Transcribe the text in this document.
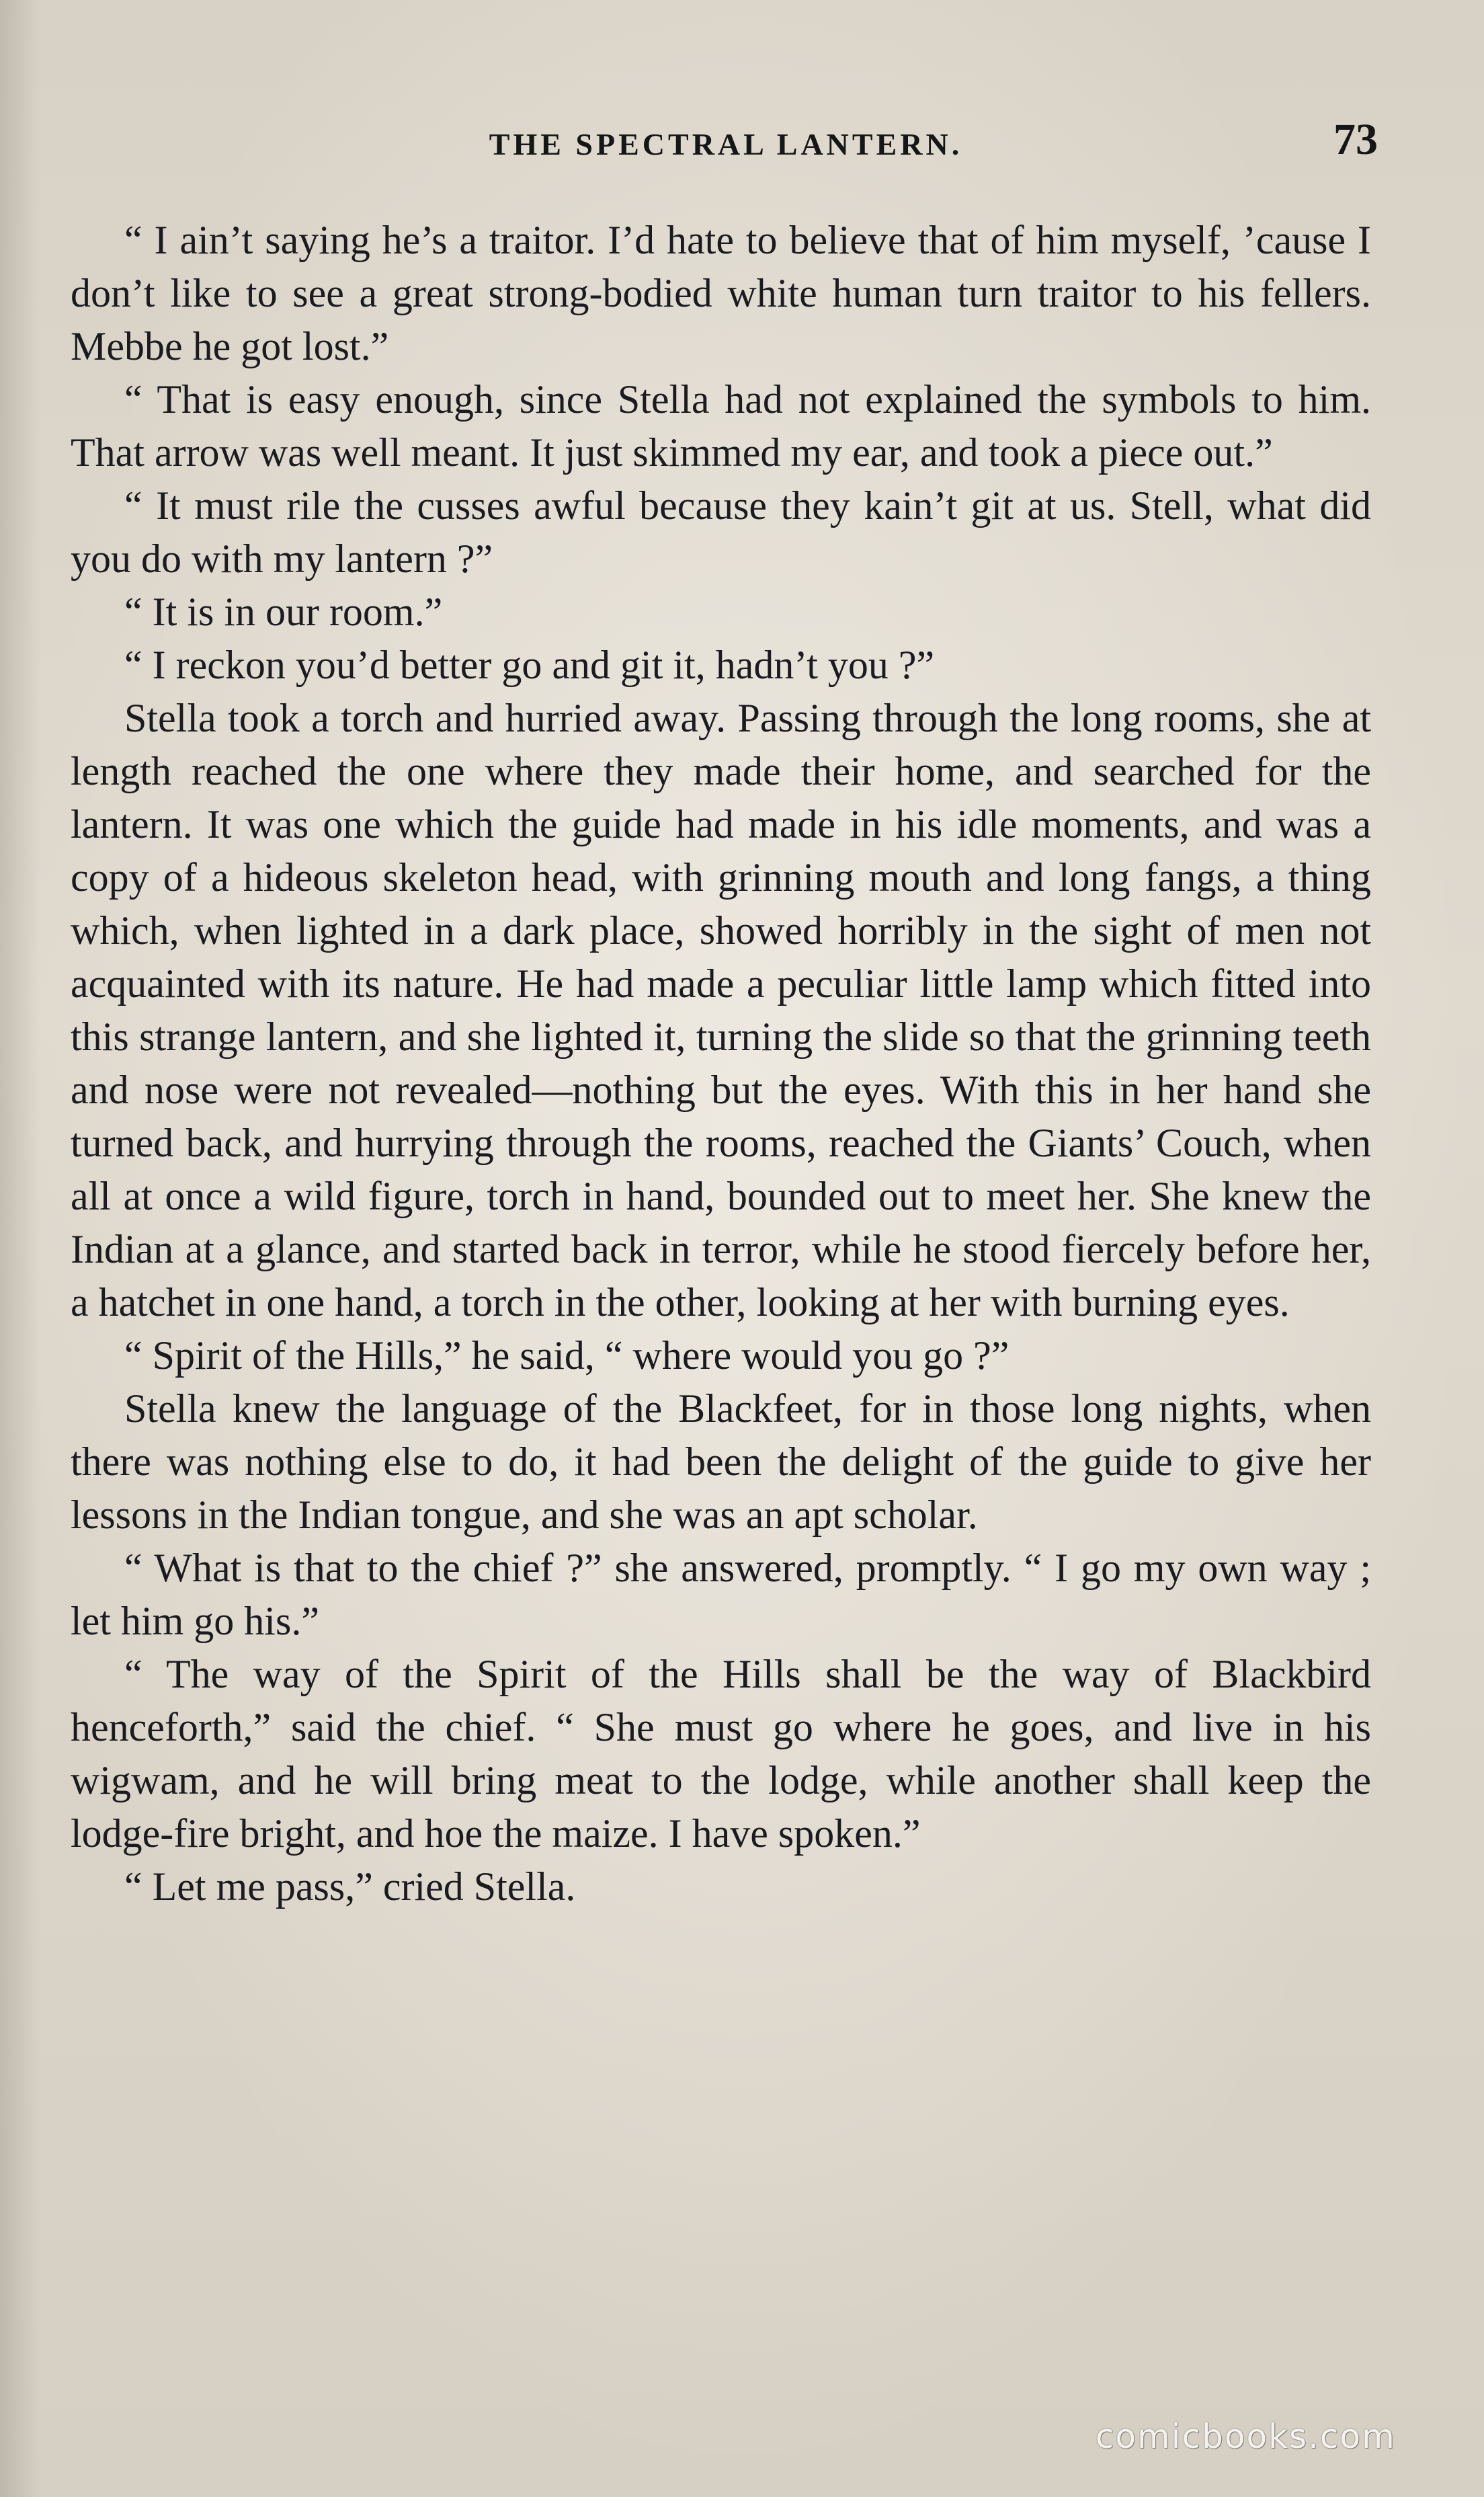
THE SPECTRAL LANTERN.	73

“ I ain’t saying he’s a traitor. I’d hate to believe that of him myself, ’cause I don’t like to see a great strong-bodied white human turn traitor to his fellers. Mebbe he got lost.”

“ That is easy enough, since Stella had not explained the symbols to him. That arrow was well meant. It just skimmed my ear, and took a piece out.”

“ It must rile the cusses awful because they kain’t git at us. Stell, what did you do with my lantern ?”

“ It is in our room.”

“ I reckon you’d better go and git it, hadn’t you ?”

Stella took a torch and hurried away. Passing through the long rooms, she at length reached the one where they made their home, and searched for the lantern. It was one which the guide had made in his idle moments, and was a copy of a hideous skeleton head, with grinning mouth and long fangs, a thing which, when lighted in a dark place, showed horribly in the sight of men not acquainted with its nature. He had made a peculiar little lamp which fitted into this strange lantern, and she lighted it, turning the slide so that the grinning teeth and nose were not revealed—nothing but the eyes. With this in her hand she turned back, and hurrying through the rooms, reached the Giants’ Couch, when all at once a wild figure, torch in hand, bounded out to meet her. She knew the Indian at a glance, and started back in terror, while he stood fiercely before her, a hatchet in one hand, a torch in the other, looking at her with burning eyes.

“ Spirit of the Hills,” he said, “ where would you go ?”

Stella knew the language of the Blackfeet, for in those long nights, when there was nothing else to do, it had been the delight of the guide to give her lessons in the Indian tongue, and she was an apt scholar.

“ What is that to the chief ?” she answered, promptly. “ I go my own way ; let him go his.”

“ The way of the Spirit of the Hills shall be the way of Blackbird henceforth,” said the chief. “ She must go where he goes, and live in his wigwam, and he will bring meat to the lodge, while another shall keep the lodge-fire bright, and hoe the maize. I have spoken.”

“ Let me pass,” cried Stella.

comicbooks.com
